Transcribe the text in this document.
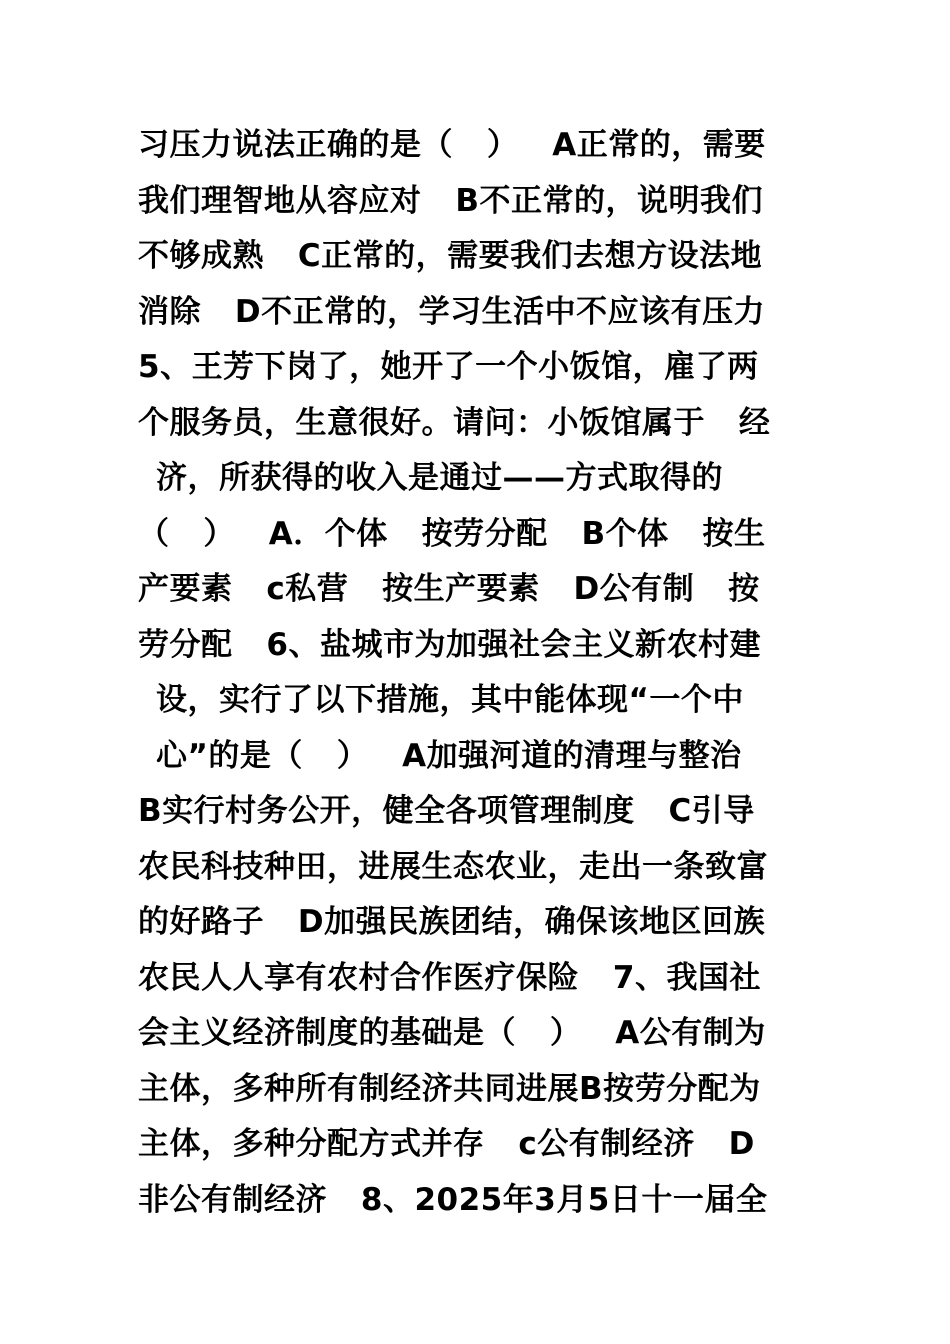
习压力说法正确的是（   ）   A正常的，需要
我们理智地从容应对   B不正常的，说明我们
不够成熟   C正常的，需要我们去想方设法地
消除   D不正常的，学习生活中不应该有压力
5、王芳下岗了，她开了一个小饭馆，雇了两
个服务员，生意很好。请问：小饭馆属于   经
济，所获得的收入是通过——方式取得的
（   ）   A．个体   按劳分配   B个体   按生
产要素   c私营   按生产要素   D公有制   按
劳分配   6、盐城市为加强社会主义新农村建
设，实行了以下措施，其中能体现“一个中
心”的是（   ）   A加强河道的清理与整治
B实行村务公开，健全各项管理制度   C引导
农民科技种田，进展生态农业，走出一条致富
的好路子   D加强民族团结，确保该地区回族
农民人人享有农村合作医疗保险   7、我国社
会主义经济制度的基础是（   ）   A公有制为
主体，多种所有制经济共同进展B按劳分配为
主体，多种分配方式并存   c公有制经济   D
非公有制经济   8、2025年3月5日十一届全
